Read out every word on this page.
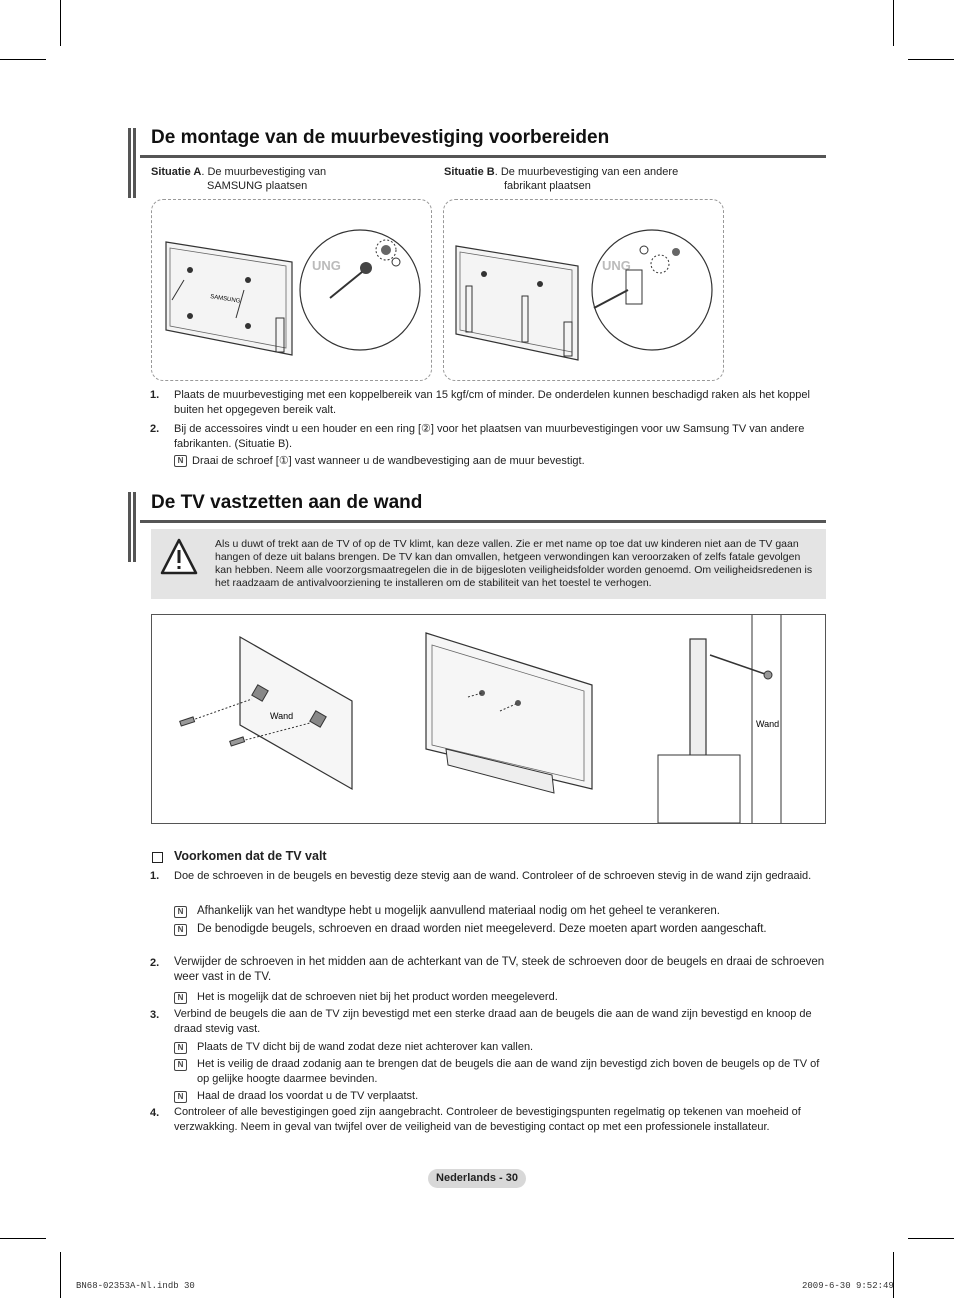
De montage van de muurbevestiging voorbereiden
Situatie A. De muurbevestiging van
SAMSUNG plaatsen
Situatie B. De muurbevestiging van een andere
fabrikant plaatsen
SAMSUNG
UNG	UNG
1. Plaats de muurbevestiging met een koppelbereik van 15 kgf/cm of minder. De onderdelen kunnen beschadigd raken als het koppel buiten het opgegeven bereik valt.
2. Bij de accessoires vindt u een houder en een ring [②] voor het plaatsen van muurbevestigingen voor uw Samsung TV van andere fabrikanten. (Situatie B).
N Draai de schroef [①] vast wanneer u de wandbevestiging aan de muur bevestigt.
De TV vastzetten aan de wand
Als u duwt of trekt aan de TV of op de TV klimt, kan deze vallen. Zie er met name op toe dat uw kinderen niet aan de TV gaan hangen of deze uit balans brengen. De TV kan dan omvallen, hetgeen verwondingen kan veroorzaken of zelfs fatale gevolgen kan hebben. Neem alle voorzorgsmaatregelen die in de bijgesloten veiligheidsfolder worden genoemd. Om veiligheidsredenen is het raadzaam de antivalvoorziening te installeren om de stabiliteit van het toestel te verhogen.
Wand
Wand
Voorkomen dat de TV valt
1. Doe de schroeven in de beugels en bevestig deze stevig aan de wand. Controleer of de schroeven stevig in de wand zijn gedraaid.
N	Afhankelijk van het wandtype hebt u mogelijk aanvullend materiaal nodig om het geheel te verankeren.
N	De benodigde beugels, schroeven en draad worden niet meegeleverd. Deze moeten apart worden aangeschaft.
2. Verwijder de schroeven in het midden aan de achterkant van de TV, steek de schroeven door de beugels en draai de schroeven weer vast in de TV.
N	Het is mogelijk dat de schroeven niet bij het product worden meegeleverd.
3. Verbind de beugels die aan de TV zijn bevestigd met een sterke draad aan de beugels die aan de wand zijn bevestigd en knoop de draad stevig vast.
N	Plaats de TV dicht bij de wand zodat deze niet achterover kan vallen.
N	Het is veilig de draad zodanig aan te brengen dat de beugels die aan de wand zijn bevestigd zich boven de beugels op de TV of op gelijke hoogte daarmee bevinden.
N	Haal de draad los voordat u de TV verplaatst.
4. Controleer of alle bevestigingen goed zijn aangebracht. Controleer de bevestigingspunten regelmatig op tekenen van moeheid of verzwakking. Neem in geval van twijfel over de veiligheid van de bevestiging contact op met een professionele installateur.
Nederlands - 30
BN68-02353A-Nl.indb 30	2009-6-30 9:52:49
